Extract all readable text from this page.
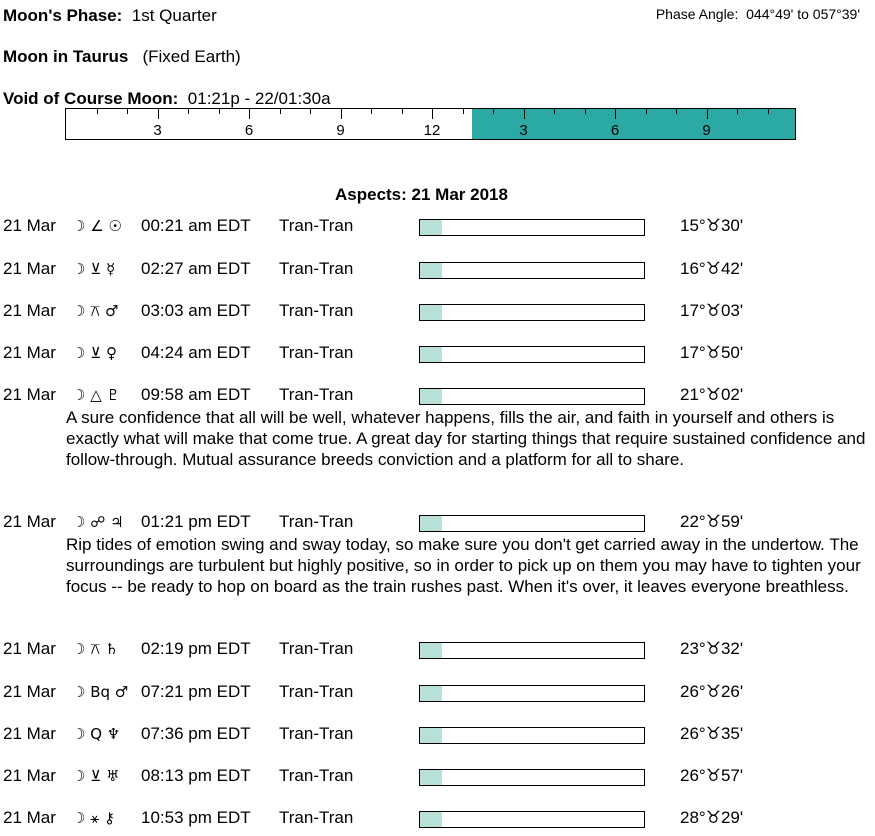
Moon's Phase: 1st Quarter	Phase Angle: 044°49' to 057°39'
Moon in Taurus (Fixed Earth)
Void of Course Moon: 01:21p - 22/01:30a
3	6	9	12	3	6	9
Aspects: 21 Mar 2018
21 Mar ☽ ∠ ☉ 00:21 am EDT Tran-Tran	15°♉30'
21 Mar ☽ ⊻ ☿ 02:27 am EDT Tran-Tran	16°♉42'
21 Mar ☽ ⚻ ♂ 03:03 am EDT Tran-Tran	17°♉03'
21 Mar ☽ ⊻ ♀ 04:24 am EDT Tran-Tran	17°♉50'
21 Mar ☽ △ ♇ 09:58 am EDT Tran-Tran	21°♉02'
A sure confidence that all will be well, whatever happens, fills the air, and faith in yourself and others is exactly what will make that come true. A great day for starting things that require sustained confidence and follow-through. Mutual assurance breeds conviction and a platform for all to share.
21 Mar ☽ ☍ ♃ 01:21 pm EDT Tran-Tran	22°♉59'
Rip tides of emotion swing and sway today, so make sure you don't get carried away in the undertow. The surroundings are turbulent but highly positive, so in order to pick up on them you may have to tighten your focus -- be ready to hop on board as the train rushes past. When it's over, it leaves everyone breathless.
21 Mar ☽ ⚻ ♄ 02:19 pm EDT Tran-Tran	23°♉32'
21 Mar ☽ Bq ♂ 07:21 pm EDT Tran-Tran	26°♉26'
21 Mar ☽ Q ♆ 07:36 pm EDT Tran-Tran	26°♉35'
21 Mar ☽ ⊻ ♅ 08:13 pm EDT Tran-Tran	26°♉57'
21 Mar ☽ ⚹ ⚷ 10:53 pm EDT Tran-Tran	28°♉29'
